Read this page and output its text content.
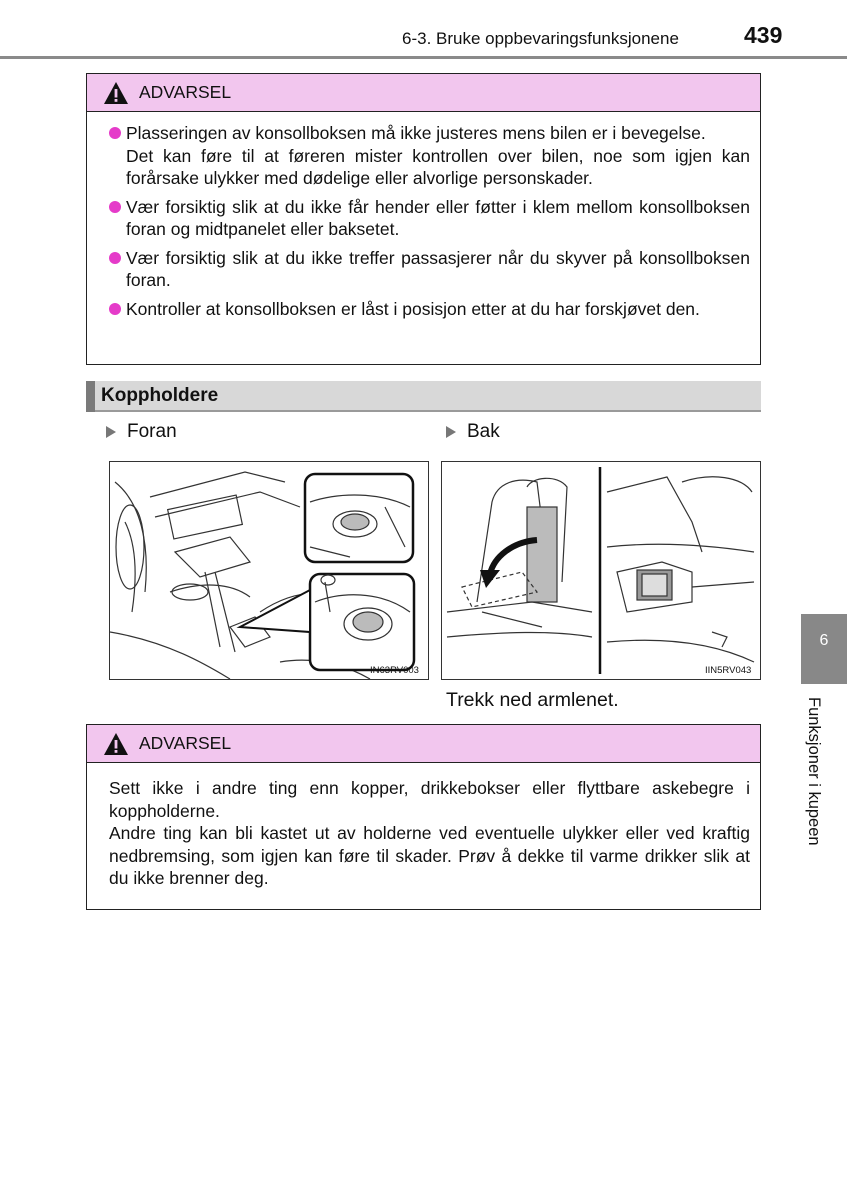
6-3. Bruke oppbevaringsfunksjonene	439
ADVARSEL
Plasseringen av konsollboksen må ikke justeres mens bilen er i bevegelse.
Det kan føre til at føreren mister kontrollen over bilen, noe som igjen kan forårsake ulykker med dødelige eller alvorlige personskader.
Vær forsiktig slik at du ikke får hender eller føtter i klem mellom konsollboksen foran og midtpanelet eller baksetet.
Vær forsiktig slik at du ikke treffer passasjerer når du skyver på konsollboksen foran.
Kontroller at konsollboksen er låst i posisjon etter at du har forskjøvet den.
Koppholdere
Foran	Bak
IN63RV003	IIN5RV043
Trekk ned armlenet.
ADVARSEL
Sett ikke i andre ting enn kopper, drikkebokser eller flyttbare askebegre i koppholderne.
Andre ting kan bli kastet ut av holderne ved eventuelle ulykker eller ved kraftig nedbremsing, som igjen kan føre til skader. Prøv å dekke til varme drikker slik at du ikke brenner deg.
6
Funksjoner i kupeen
